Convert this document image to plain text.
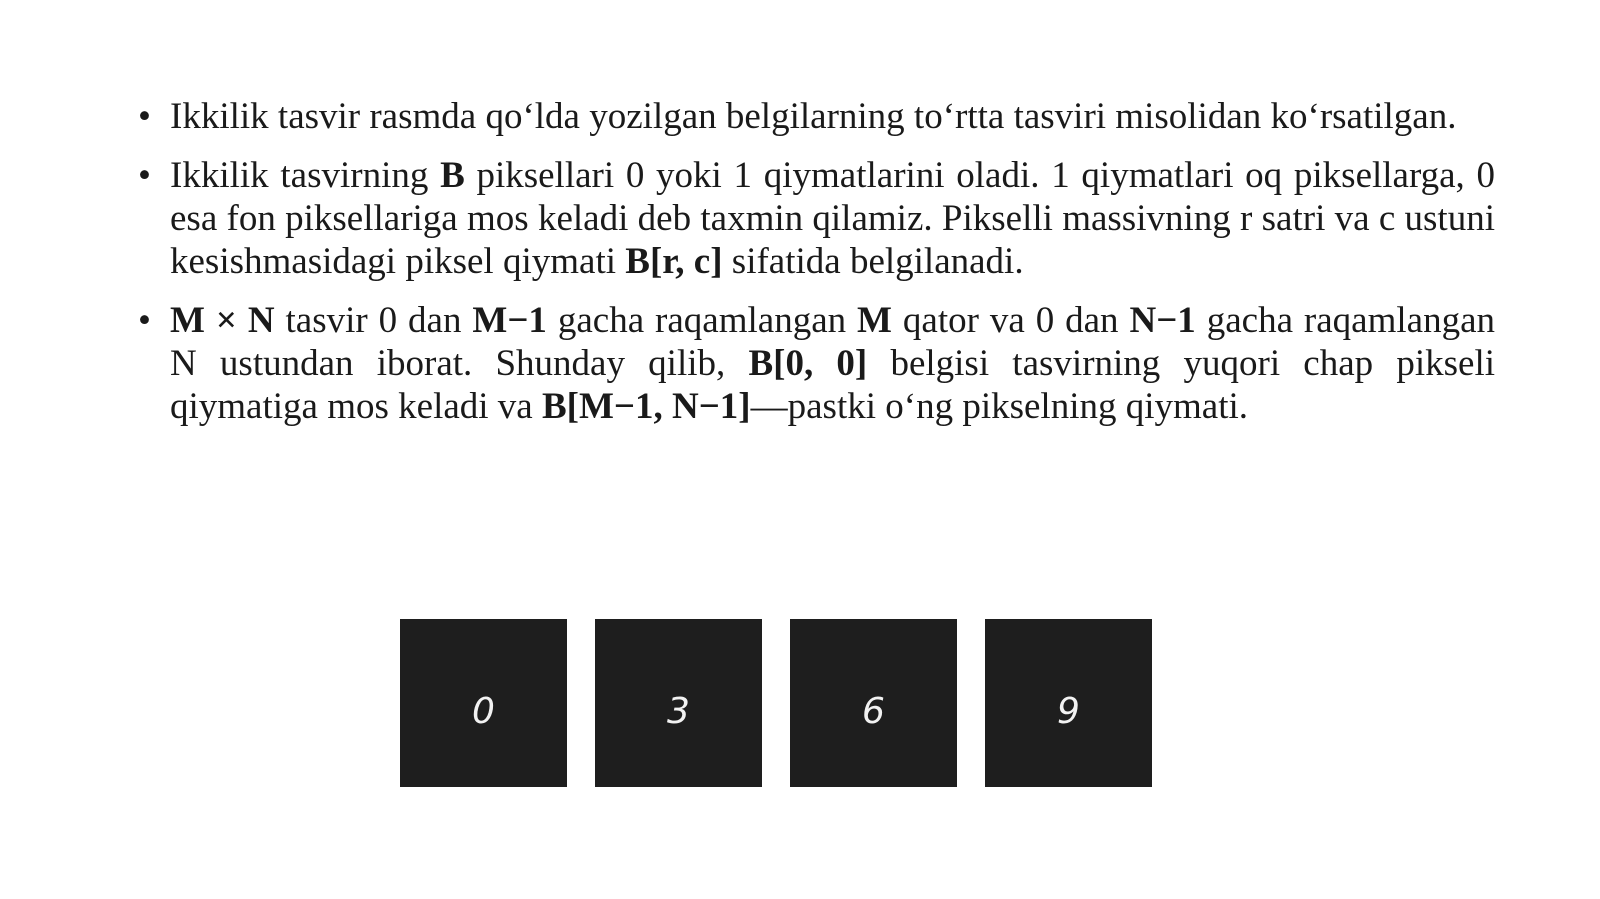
• Ikkilik tasvir rasmda qo‘lda yozilgan belgilarning to‘rtta tasviri misolidan ko‘rsatilgan.
• Ikkilik tasvirning B piksellari 0 yoki 1 qiymatlarini oladi. 1 qiymatlari oq piksellarga, 0 esa fon piksellariga mos keladi deb taxmin qilamiz. Pikselli massivning r satri va c ustuni kesishmasidagi piksel qiymati B[r, c] sifatida belgilanadi.
• M × N tasvir 0 dan M−1 gacha raqamlangan M qator va 0 dan N−1 gacha raqamlangan N ustundan iborat. Shunday qilib, B[0, 0] belgisi tasvirning yuqori chap pikseli qiymatiga mos keladi va B[M−1, N−1]—pastki o‘ng pikselning qiymati.
0	3	6	9
